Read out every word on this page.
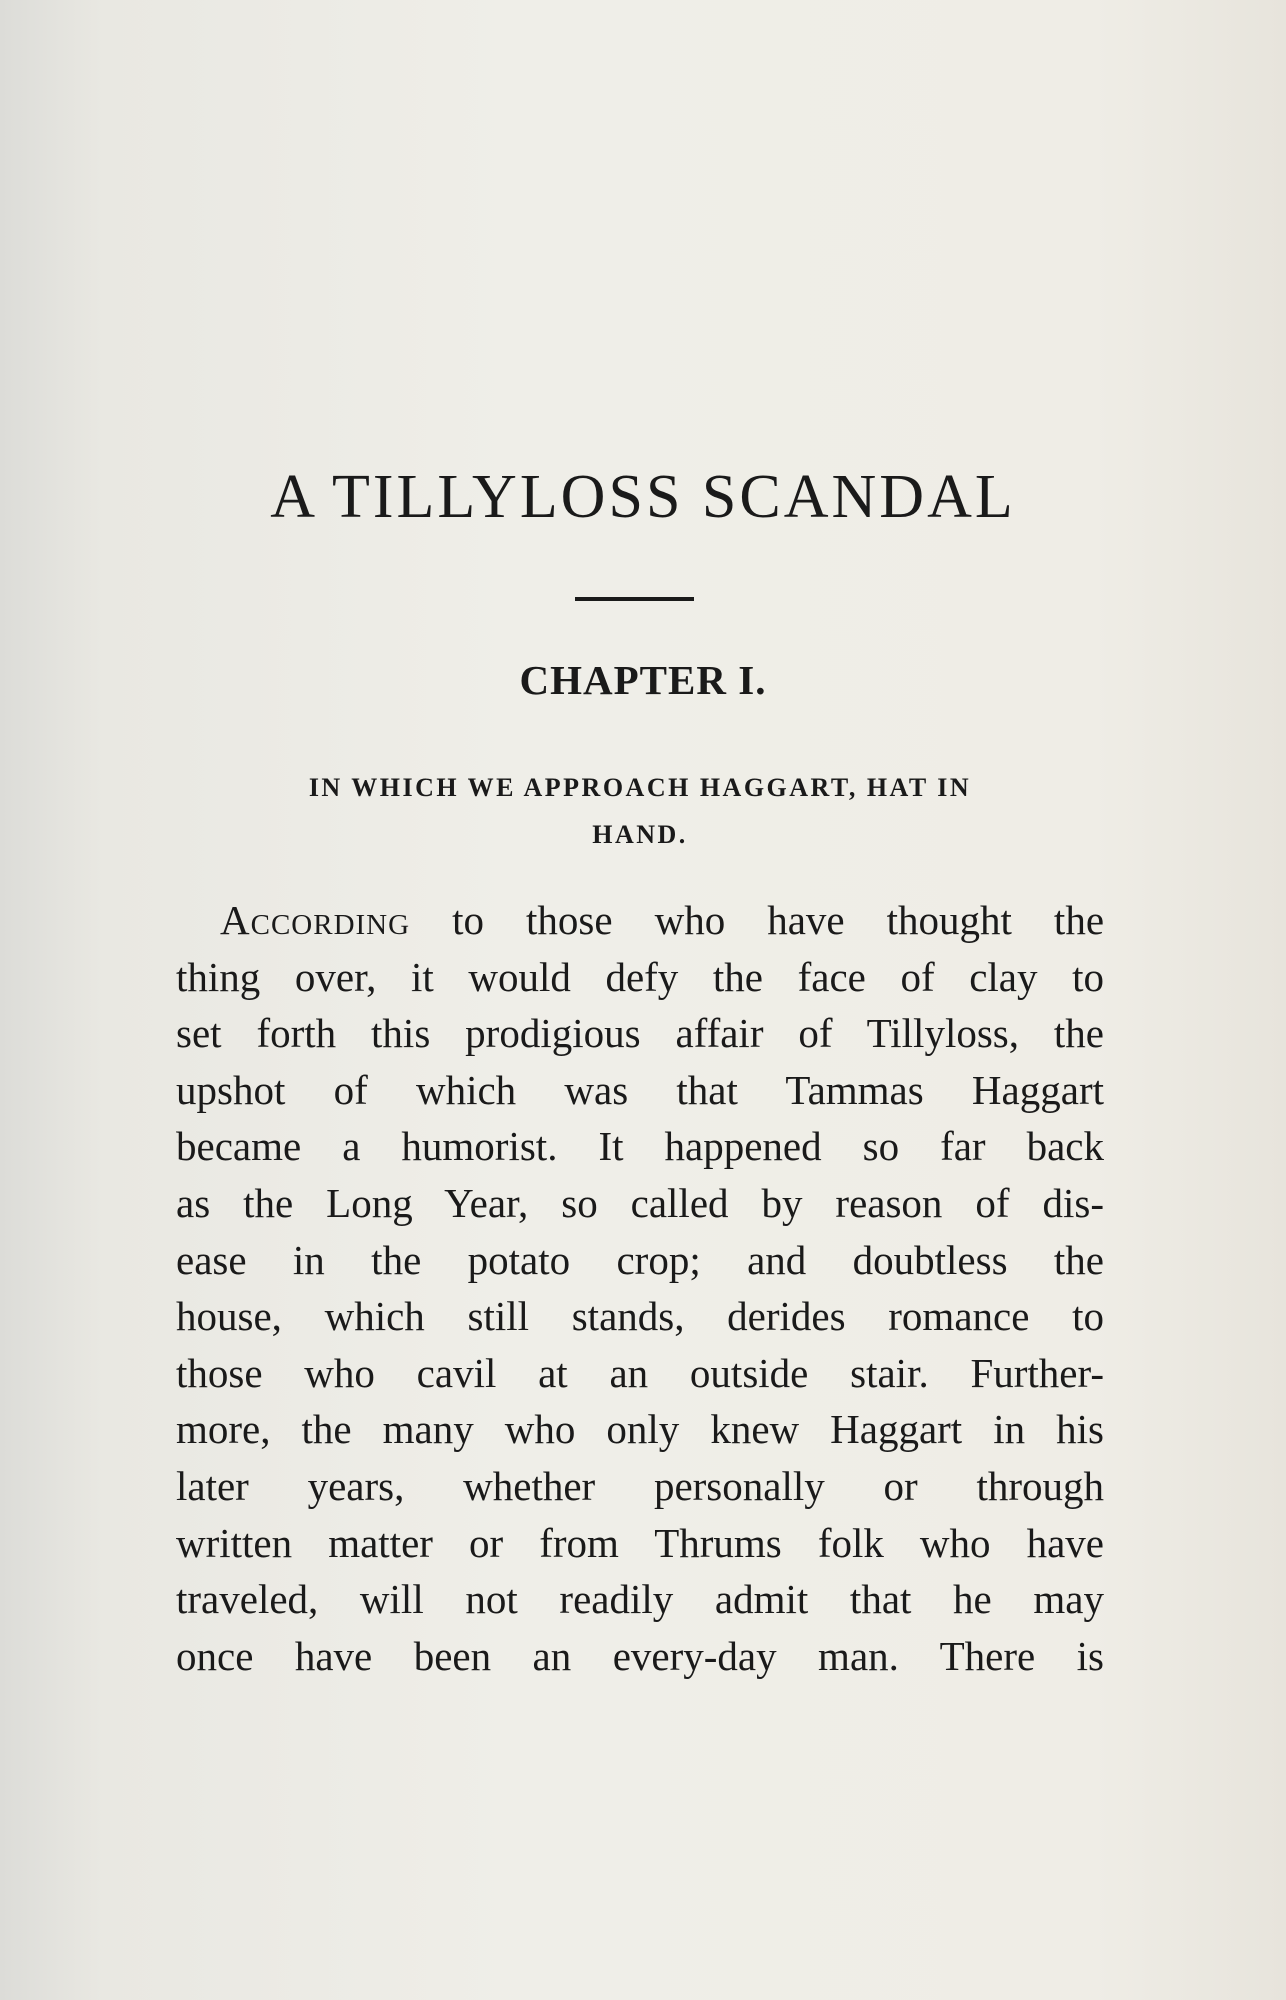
A TILLYLOSS SCANDAL
CHAPTER I.
IN WHICH WE APPROACH HAGGART, HAT IN
HAND.
According to those who have thought the
thing over, it would defy the face of clay to
set forth this prodigious affair of Tillyloss, the
upshot of which was that Tammas Haggart
became a humorist. It happened so far back
as the Long Year, so called by reason of dis-
ease in the potato crop; and doubtless the
house, which still stands, derides romance to
those who cavil at an outside stair. Further-
more, the many who only knew Haggart in his
later years, whether personally or through
written matter or from Thrums folk who have
traveled, will not readily admit that he may
once have been an every-day man. There is
